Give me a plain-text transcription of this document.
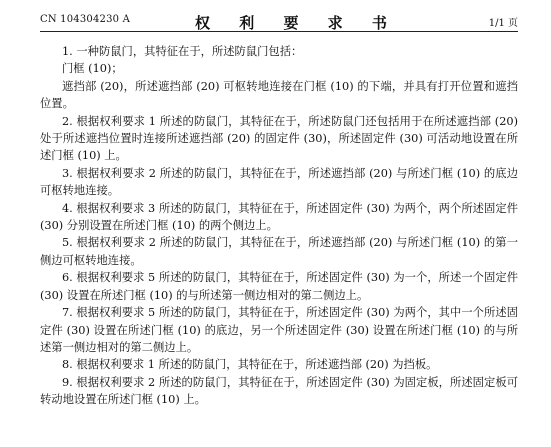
CN 104304230 A	权 利 要 求 书	1/1 页

1. 一种防鼠门，其特征在于，所述防鼠门包括：

门框 (10)；

遮挡部 (20)，所述遮挡部 (20) 可枢转地连接在门框 (10) 的下端，并具有打开位置和遮挡位置。

2. 根据权利要求 1 所述的防鼠门，其特征在于，所述防鼠门还包括用于在所述遮挡部 (20) 处于所述遮挡位置时连接所述遮挡部 (20) 的固定件 (30)，所述固定件 (30) 可活动地设置在所述门框 (10) 上。

3. 根据权利要求 2 所述的防鼠门，其特征在于，所述遮挡部 (20) 与所述门框 (10) 的底边可枢转地连接。

4. 根据权利要求 3 所述的防鼠门，其特征在于，所述固定件 (30) 为两个，两个所述固定件 (30) 分别设置在所述门框 (10) 的两个侧边上。

5. 根据权利要求 2 所述的防鼠门，其特征在于，所述遮挡部 (20) 与所述门框 (10) 的第一侧边可枢转地连接。

6. 根据权利要求 5 所述的防鼠门，其特征在于，所述固定件 (30) 为一个，所述一个固定件 (30) 设置在所述门框 (10) 的与所述第一侧边相对的第二侧边上。

7. 根据权利要求 5 所述的防鼠门，其特征在于，所述固定件 (30) 为两个，其中一个所述固定件 (30) 设置在所述门框 (10) 的底边，另一个所述固定件 (30) 设置在所述门框 (10) 的与所述第一侧边相对的第二侧边上。

8. 根据权利要求 1 所述的防鼠门，其特征在于，所述遮挡部 (20) 为挡板。

9. 根据权利要求 2 所述的防鼠门，其特征在于，所述固定件 (30) 为固定板，所述固定板可转动地设置在所述门框 (10) 上。
